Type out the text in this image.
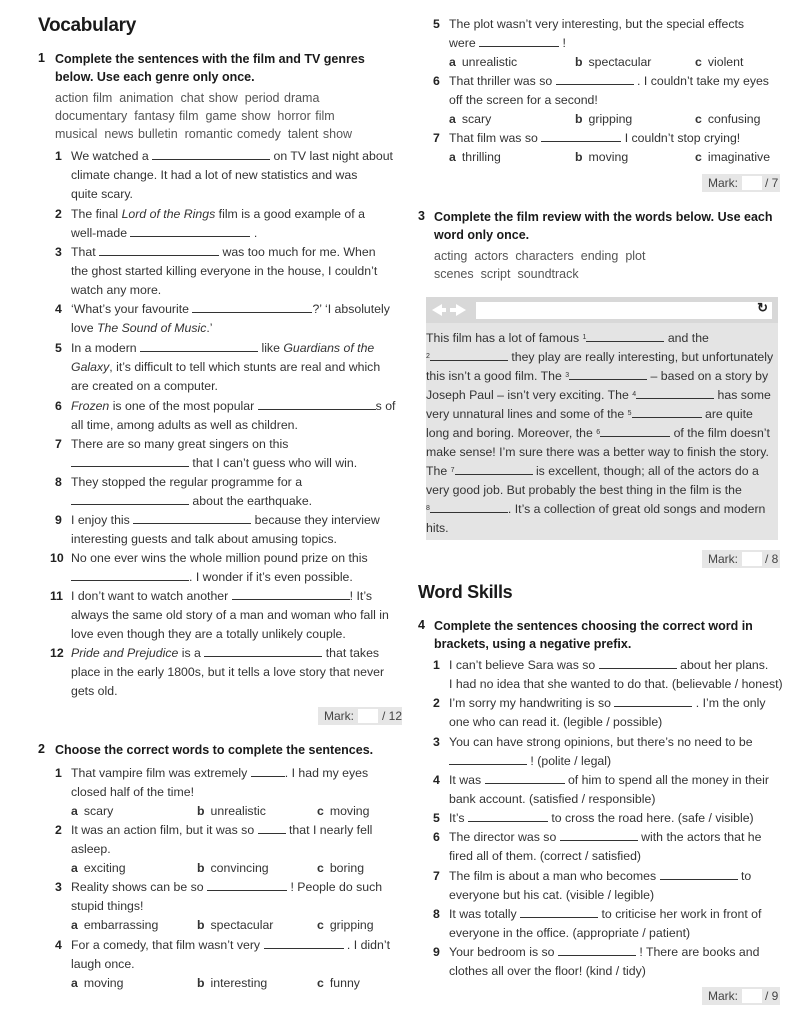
Vocabulary
1 Complete the sentences with the film and TV genres
below. Use each genre only once.
action film animation chat show period drama
documentary fantasy film game show horror film
musical news bulletin romantic comedy talent show
1 We watched a	on TV last night about
climate change. It had a lot of new statistics and was
quite scary.
2 The final Lord of the Rings film is a good example of a
well-made	.
3 That	was too much for me. When
the ghost started killing everyone in the house, I couldn’t
watch any more.
4 ‘What’s your favourite	?’ ‘I absolutely
love The Sound of Music.’
5 In a modern	like Guardians of the
Galaxy, it’s difficult to tell which stunts are real and which
are created on a computer.
6 Frozen is one of the most popular	s of
all time, among adults as well as children.
7 There are so many great singers on this
that I can’t guess who will win.
8 They stopped the regular programme for a
about the earthquake.
9 I enjoy this	because they interview
interesting guests and talk about amusing topics.
10 No one ever wins the whole million pound prize on this
. I wonder if it’s even possible.
11 I don’t want to watch another	! It’s
always the same old story of a man and woman who fall in
love even though they are a totally unlikely couple.
12 Pride and Prejudice is a	that takes
place in the early 1800s, but it tells a love story that never
gets old.
Mark: / 12
2 Choose the correct words to complete the sentences.
1 That vampire film was extremely	. I had my eyes
closed half of the time!
a scary	b unrealistic	c moving
2 It was an action film, but it was so	that I nearly fell
asleep.
a exciting	b convincing	c boring
3 Reality shows can be so	! People do such
stupid things!
a embarrassing	b spectacular	c gripping
4 For a comedy, that film wasn’t very	. I didn’t
laugh once.
a moving	b interesting	c funny
5 The plot wasn’t very interesting, but the special effects
were	!
a unrealistic	b spectacular	c violent
6 That thriller was so	. I couldn’t take my eyes
off the screen for a second!
a scary	b gripping	c confusing
7 That film was so	I couldn’t stop crying!
a thrilling	b moving	c imaginative
Mark: / 7
3 Complete the film review with the words below. Use each
word only once.
acting actors characters ending plot
scenes script soundtrack
↻

This film has a lot of famous $^1$	and the

$^2$	they play are really interesting, but unfortunately

this isn’t a good film. The $^3$	– based on a story by

Joseph Paul – isn’t very exciting. The $^4$	has some

very unnatural lines and some of the $^5$	are quite

long and boring. Moreover, the $^6$	of the film doesn’t

make sense! I’m sure there was a better way to finish the story.

The $^7$	is excellent, though; all of the actors do a

very good job. But probably the best thing in the film is the

$^8$	. It’s a collection of great old songs and modern

hits.

Mark: / 8
Word Skills
4 Complete the sentences choosing the correct word in
brackets, using a negative prefix.
1 I can’t believe Sara was so	about her plans.
I had no idea that she wanted to do that. (believable / honest)
2 I’m sorry my handwriting is so	. I’m the only
one who can read it. (legible / possible)
3 You can have strong opinions, but there’s no need to be
! (polite / legal)
4 It was	of him to spend all the money in their
bank account. (satisfied / responsible)
5 It’s	to cross the road here. (safe / visible)
6 The director was so	with the actors that he
fired all of them. (correct / satisfied)
7 The film is about a man who becomes	to
everyone but his cat. (visible / legible)
8 It was totally	to criticise her work in front of
everyone in the office. (appropriate / patient)
9 Your bedroom is so	! There are books and
clothes all over the floor! (kind / tidy)
Mark: / 9
